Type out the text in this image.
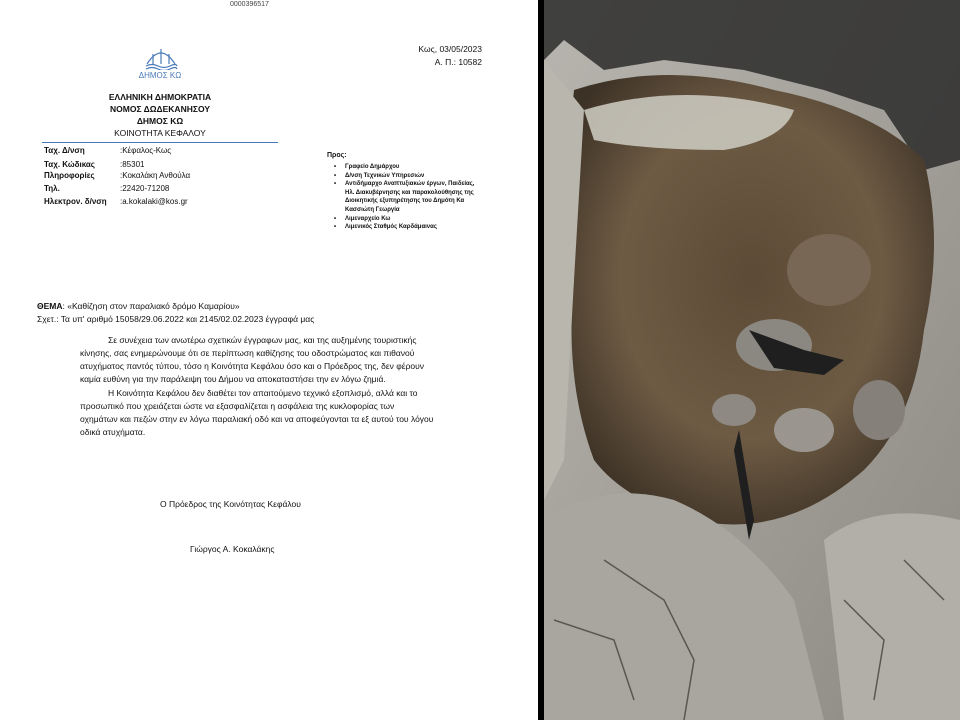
0000396517
ΔΗΜΟΣ ΚΩ
ΕΛΛΗΝΙΚΗ ΔΗΜΟΚΡΑΤΙΑ
ΝΟΜΟΣ ΔΩΔΕΚΑΝΗΣΟΥ
ΔΗΜΟΣ ΚΩ
ΚΟΙΝΟΤΗΤΑ ΚΕΦΑΛΟΥ
Ταχ. Δ/νση	:Κέφαλος-Κως
Ταχ. Κώδικας	:85301
Πληροφορίες	:Κοκαλάκη Ανθούλα
Τηλ.	:22420-71208
Ηλεκτρον. δ/νση :a.kokalaki@kos.gr
Κως, 03/05/2023
Α. Π.: 10582
Προς:
• Γραφείο Δημάρχου
• Δ/νση Τεχνικών Υπηρεσιών
• Αντιδήμαρχο Αναπτυξιακών έργων, Παιδείας, Ηλ. Διακυβέρνησης και παρακολούθησης της Διοικητικής εξυπηρέτησης του Δημότη Κα Κασσιώτη Γεωργία
• Λιμεναρχείο Κω
• Λιμενικός Σταθμός Καρδάμαινας
ΘΕΜΑ: «Καθίζηση στον παραλιακό δρόμο Καμαρίου»
Σχετ.: Τα υπ' αριθμό 15058/29.06.2022 και 2145/02.02.2023 έγγραφά μας
Σε συνέχεια των ανωτέρω σχετικών έγγραφων μας, και της αυξημένης τουριστικής
κίνησης, σας ενημερώνουμε ότι σε περίπτωση καθίζησης του οδοστρώματος και πιθανού
ατυχήματος παντός τύπου, τόσο η Κοινότητα Κεφάλου όσο και ο Πρόεδρος της, δεν φέρουν
καμία ευθύνη για την παράλειψη του Δήμου να αποκαταστήσει την εν λόγω ζημιά.
Η Κοινότητα Κεφάλου δεν διαθέτει τον απαιτούμενο τεχνικό εξοπλισμό, αλλά και το
προσωπικό που χρειάζεται ώστε να εξασφαλίζεται η ασφάλεια της κυκλοφορίας των
οχημάτων και πεζών στην εν λόγω παραλιακή οδό και να αποφεύγονται τα εξ αυτού του λόγου
οδικά ατυχήματα.
Ο Πρόεδρος της Κοινότητας Κεφάλου
Γιώργος Α. Κοκαλάκης
